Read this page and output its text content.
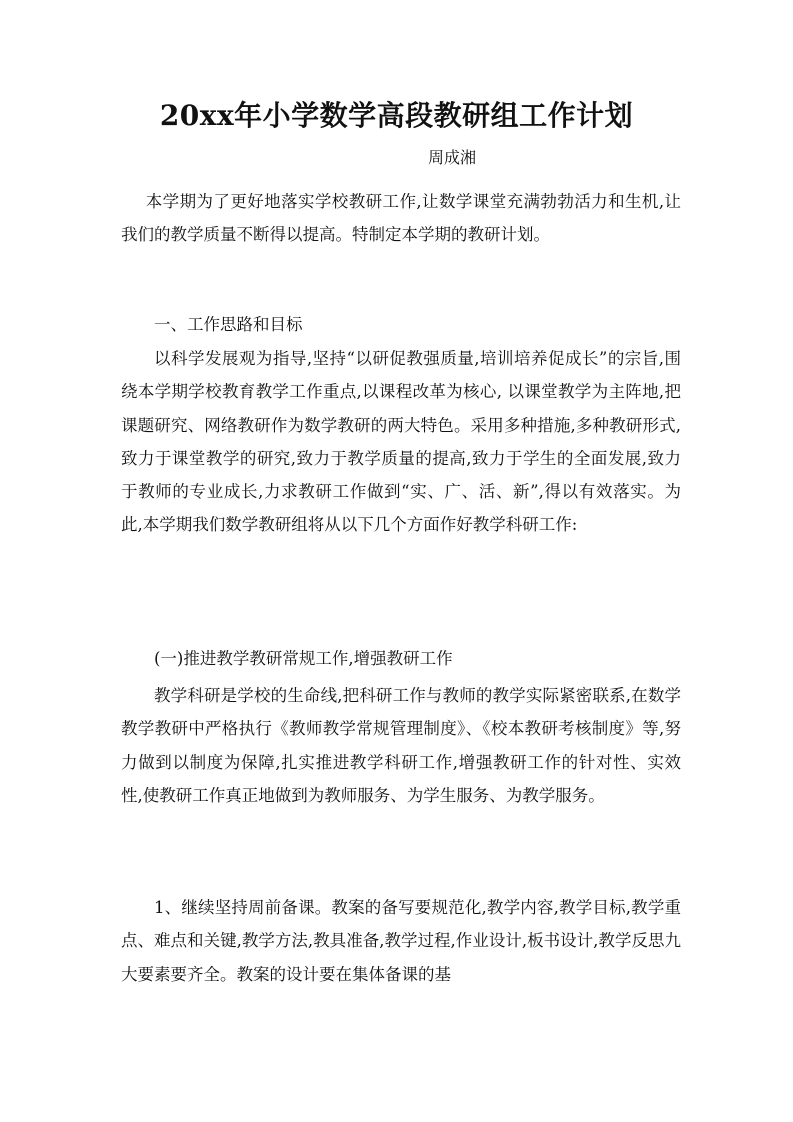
20xx年小学数学高段教研组工作计划

周成湘

本学期为了更好地落实学校教研工作,让数学课堂充满勃勃活力和生机,让我们的教学质量不断得以提高。特制定本学期的教研计划。

一、工作思路和目标

以科学发展观为指导,坚持“以研促教强质量,培训培养促成长”的宗旨,围绕本学期学校教育教学工作重点,以课程改革为核心, 以课堂教学为主阵地,把课题研究、网络教研作为数学教研的两大特色。采用多种措施,多种教研形式,致力于课堂教学的研究,致力于教学质量的提高,致力于学生的全面发展,致力于教师的专业成长,力求教研工作做到“实、广、活、新”,得以有效落实。为此,本学期我们数学教研组将从以下几个方面作好教学科研工作:

(一)推进教学教研常规工作,增强教研工作

教学科研是学校的生命线,把科研工作与教师的教学实际紧密联系,在数学教学教研中严格执行《教师教学常规管理制度》、《校本教研考核制度》等,努力做到以制度为保障,扎实推进教学科研工作,增强教研工作的针对性、实效性,使教研工作真正地做到为教师服务、为学生服务、为教学服务。

1、继续坚持周前备课。教案的备写要规范化,教学内容,教学目标,教学重点、难点和关键,教学方法,教具准备,教学过程,作业设计,板书设计,教学反思九大要素要齐全。教案的设计要在集体备课的基
